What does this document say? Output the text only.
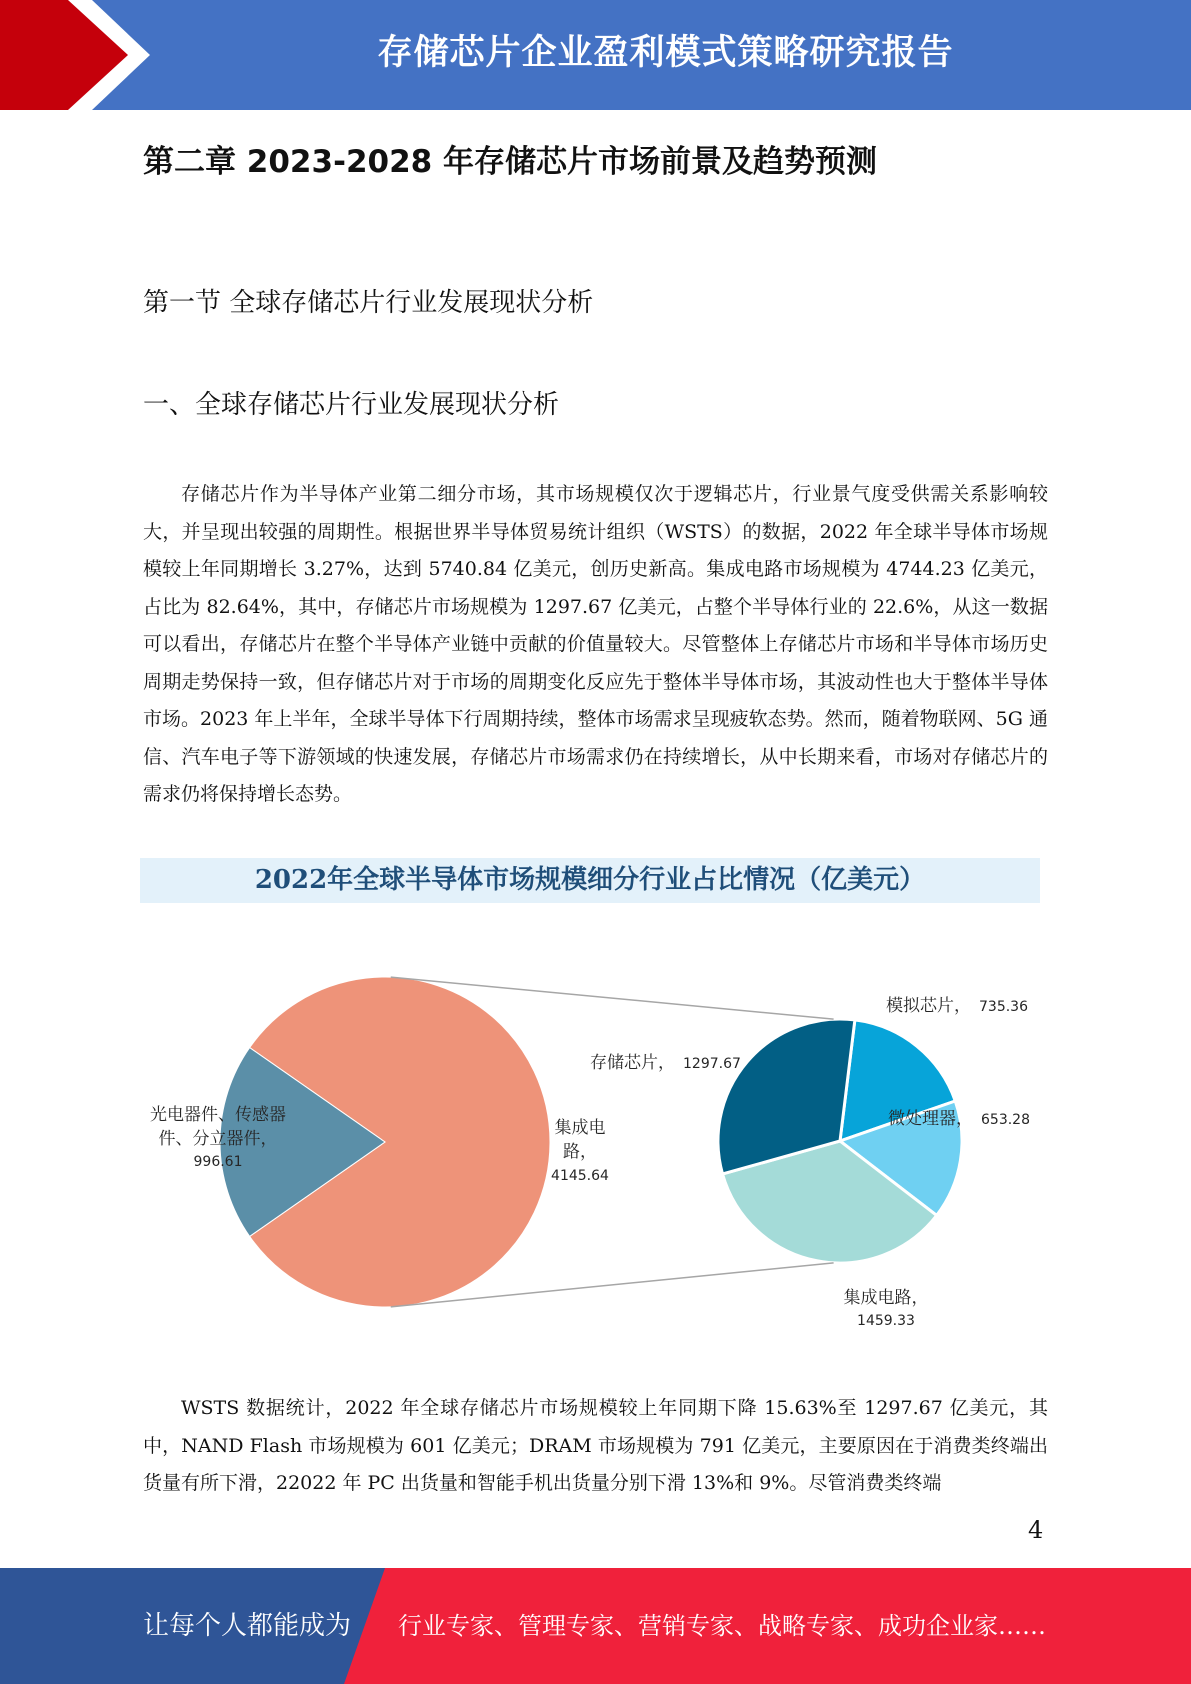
存储芯片企业盈利模式策略研究报告
第二章 2023-2028 年存储芯片市场前景及趋势预测
第一节 全球存储芯片行业发展现状分析
一、全球存储芯片行业发展现状分析

存储芯片作为半导体产业第二细分市场，其市场规模仅次于逻辑芯片，行业景气度受供需关系影响较大，并呈现出较强的周期性。根据世界半导体贸易统计组织（WSTS）的数据，2022 年全球半导体市场规模较上年同期增长 3.27%，达到 5740.84 亿美元，创历史新高。集成电路市场规模为 4744.23 亿美元，占比为 82.64%，其中，存储芯片市场规模为 1297.67 亿美元，占整个半导体行业的 22.6%，从这一数据可以看出，存储芯片在整个半导体产业链中贡献的价值量较大。尽管整体上存储芯片市场和半导体市场历史周期走势保持一致，但存储芯片对于市场的周期变化反应先于整体半导体市场，其波动性也大于整体半导体市场。2023 年上半年，全球半导体下行周期持续，整体市场需求呈现疲软态势。然而，随着物联网、5G 通信、汽车电子等下游领域的快速发展，存储芯片市场需求仍在持续增长，从中长期来看，市场对存储芯片的需求仍将保持增长态势。

2022年全球半导体市场规模细分行业占比情况（亿美元）
集成电
路，
4145.64
光电器件、传感器
件、分立器件，
996.61
模拟芯片， 735.36
微处理器， 653.28
集成电路，
1459.33
存储芯片， 1297.67

WSTS 数据统计，2022 年全球存储芯片市场规模较上年同期下降 15.63%至 1297.67 亿美元，其中，NAND Flash 市场规模为 601 亿美元；DRAM 市场规模为 791 亿美元，主要原因在于消费类终端出货量有所下滑，22022 年 PC 出货量和智能手机出货量分别下滑 13%和 9%。尽管消费类终端

4
让每个人都能成为 行业专家、管理专家、营销专家、战略专家、成功企业家……
